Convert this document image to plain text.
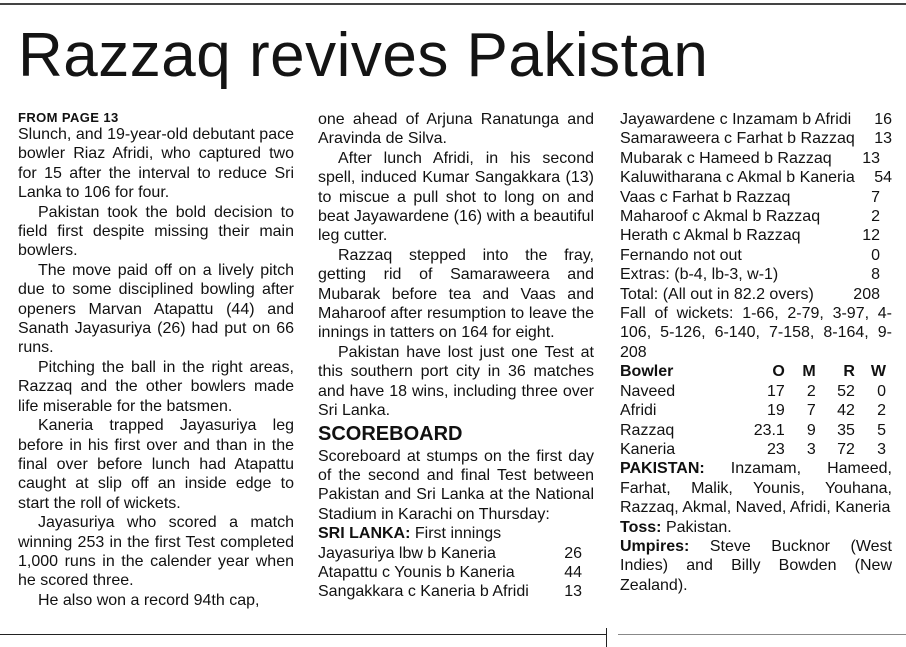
Razzaq revives Pakistan

FROM PAGE 13

Slunch, and 19-year-old debutant pace bowler Riaz Afridi, who captured two for 15 after the interval to reduce Sri Lanka to 106 for four.

Pakistan took the bold decision to field first despite missing their main bowlers.

The move paid off on a lively pitch due to some disciplined bowling after openers Marvan Atapattu (44) and Sanath Jayasuriya (26) had put on 66 runs.

Pitching the ball in the right areas, Razzaq and the other bowlers made life miserable for the batsmen.

Kaneria trapped Jayasuriya leg before in his first over and than in the final over before lunch had Atapattu caught at slip off an inside edge to start the roll of wickets.

Jayasuriya who scored a match winning 253 in the first Test completed 1,000 runs in the calender year when he scored three.

He also won a record 94th cap,

one ahead of Arjuna Ranatunga and Aravinda de Silva.

After lunch Afridi, in his second spell, induced Kumar Sangakkara (13) to miscue a pull shot to long on and beat Jayawardene (16) with a beautiful leg cutter.

Razzaq stepped into the fray, getting rid of Samaraweera and Mubarak before tea and Vaas and Maharoof after resumption to leave the innings in tatters on 164 for eight.

Pakistan have lost just one Test at this southern port city in 36 matches and have 18 wins, including three over Sri Lanka.

SCOREBOARD

Scoreboard at stumps on the first day of the second and final Test between Pakistan and Sri Lanka at the National Stadium in Karachi on Thursday:

SRI LANKA: First innings

Jayasuriya lbw b Kaneria	26
Atapattu c Younis b Kaneria	44
Sangakkara c Kaneria b Afridi 13
Jayawardene c Inzamam b Afridi 16
Samaraweera c Farhat b Razzaq 13
Mubarak c Hameed b Razzaq 13
Kaluwitharana c Akmal b Kaneria 54
Vaas c Farhat b Razzaq	7
Maharoof c Akmal b Razzaq	2
Herath c Akmal b Razzaq	12
Fernando not out	0
Extras: (b-4, lb-3, w-1)	8
Total: (All out in 82.2 overs) 208

Fall of wickets: 1-66, 2-79, 3-97, 4-106, 5-126, 6-140, 7-158, 8-164, 9-208

Bowler	O	M	R	W
Naveed	17	2	52	0
Afridi	19	7	42	2
Razzaq	23.1	9	35	5
Kaneria	23	3	72	3

PAKISTAN: Inzamam, Hameed, Farhat, Malik, Younis, Youhana, Razzaq, Akmal, Naved, Afridi, Kaneria

Toss: Pakistan.

Umpires: Steve Bucknor (West Indies) and Billy Bowden (New Zealand).
